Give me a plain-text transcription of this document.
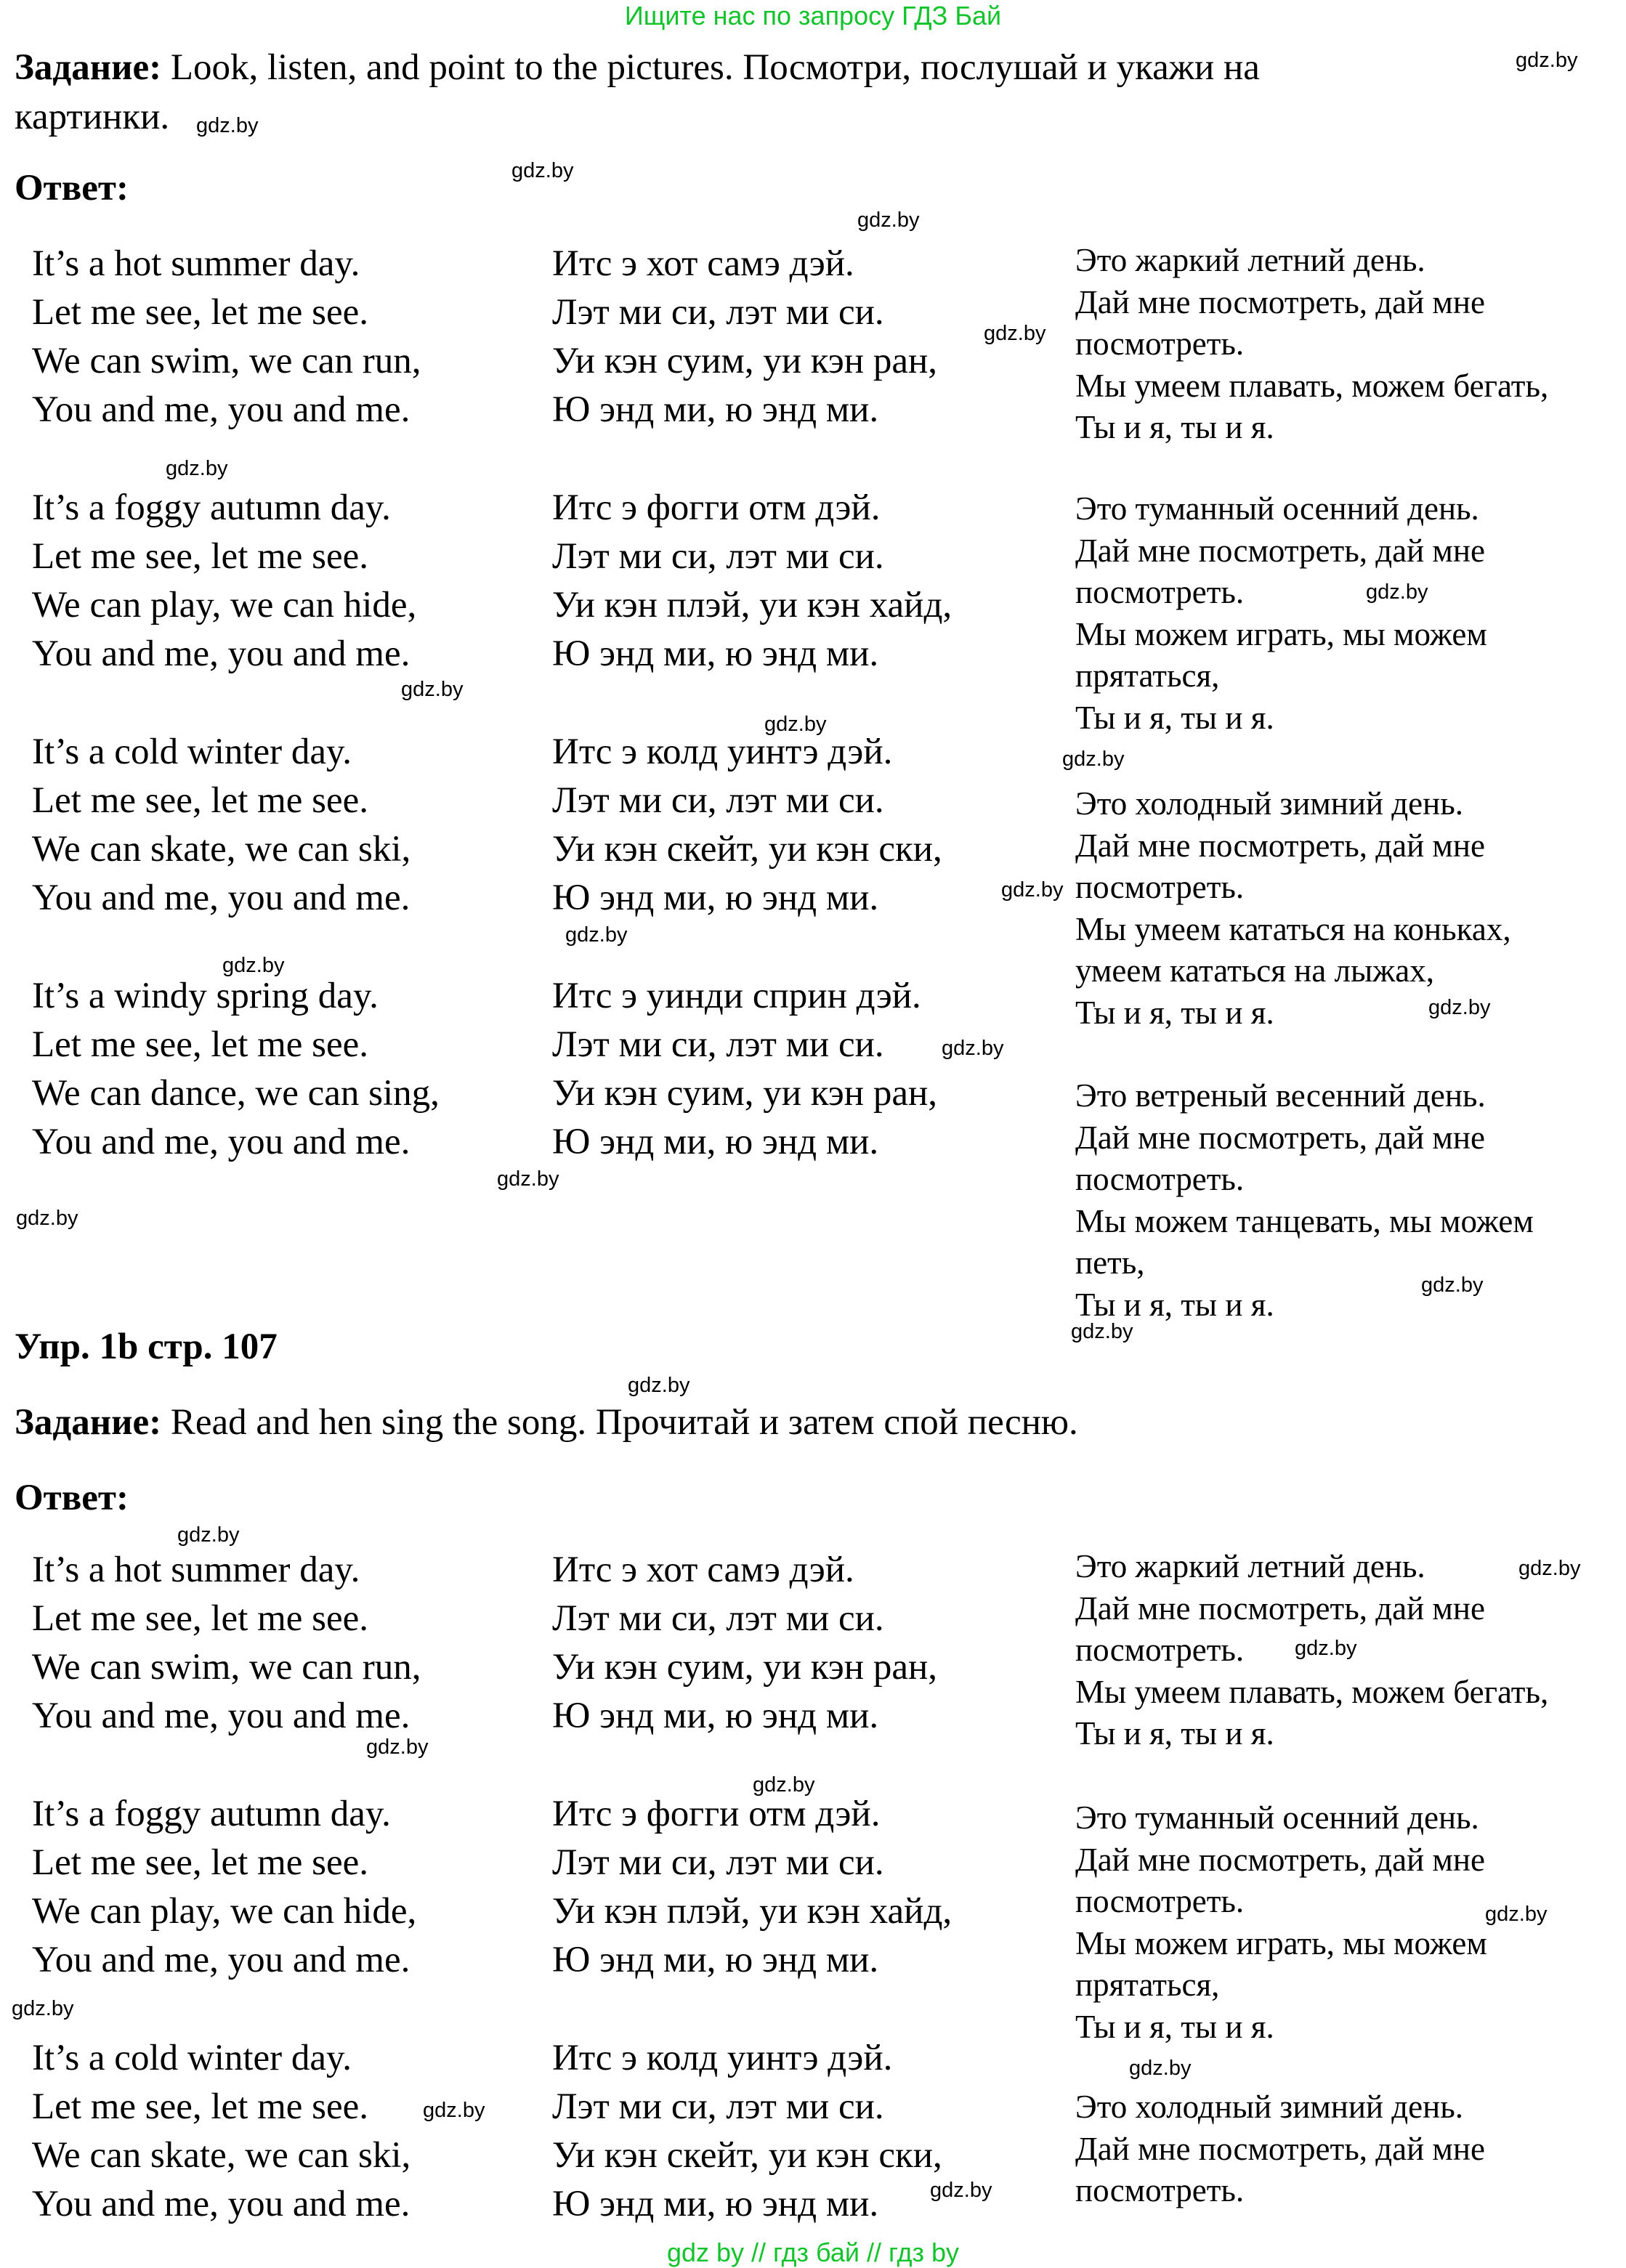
Ищите нас по запросу ГДЗ Бай
Задание: Look, listen, and point to the pictures. Посмотри, послушай и укажи на
картинки.
Ответ:
It’s a hot summer day.
Let me see, let me see.
We can swim, we can run,
You and me, you and me.
Итс э хот самэ дэй.
Лэт ми си, лэт ми си.
Уи кэн суим, уи кэн ран,
Ю энд ми, ю энд ми.
Это жаркий летний день.
Дай мне посмотреть, дай мне
посмотреть.
Мы умеем плавать, можем бегать,
Ты и я, ты и я.
It’s a foggy autumn day.
Let me see, let me see.
We can play, we can hide,
You and me, you and me.
Итс э фогги отм дэй.
Лэт ми си, лэт ми си.
Уи кэн плэй, уи кэн хайд,
Ю энд ми, ю энд ми.
Это туманный осенний день.
Дай мне посмотреть, дай мне
посмотреть.
Мы можем играть, мы можем
прятаться,
Ты и я, ты и я.
It’s a cold winter day.
Let me see, let me see.
We can skate, we can ski,
You and me, you and me.
Итс э колд уинтэ дэй.
Лэт ми си, лэт ми си.
Уи кэн скейт, уи кэн ски,
Ю энд ми, ю энд ми.
Это холодный зимний день.
Дай мне посмотреть, дай мне
посмотреть.
Мы умеем кататься на коньках,
умеем кататься на лыжах,
Ты и я, ты и я.
It’s a windy spring day.
Let me see, let me see.
We can dance, we can sing,
You and me, you and me.
Итс э уинди сприн дэй.
Лэт ми си, лэт ми си.
Уи кэн суим, уи кэн ран,
Ю энд ми, ю энд ми.
Это ветреный весенний день.
Дай мне посмотреть, дай мне
посмотреть.
Мы можем танцевать, мы можем
петь,
Ты и я, ты и я.
Упр. 1b стр. 107
Задание: Read and hen sing the song. Прочитай и затем спой песню.
Ответ:
It’s a hot summer day.
Let me see, let me see.
We can swim, we can run,
You and me, you and me.
Итс э хот самэ дэй.
Лэт ми си, лэт ми си.
Уи кэн суим, уи кэн ран,
Ю энд ми, ю энд ми.
Это жаркий летний день.
Дай мне посмотреть, дай мне
посмотреть.
Мы умеем плавать, можем бегать,
Ты и я, ты и я.
It’s a foggy autumn day.
Let me see, let me see.
We can play, we can hide,
You and me, you and me.
Итс э фогги отм дэй.
Лэт ми си, лэт ми си.
Уи кэн плэй, уи кэн хайд,
Ю энд ми, ю энд ми.
Это туманный осенний день.
Дай мне посмотреть, дай мне
посмотреть.
Мы можем играть, мы можем
прятаться,
Ты и я, ты и я.
It’s a cold winter day.
Let me see, let me see.
We can skate, we can ski,
You and me, you and me.
Итс э колд уинтэ дэй.
Лэт ми си, лэт ми си.
Уи кэн скейт, уи кэн ски,
Ю энд ми, ю энд ми.
Это холодный зимний день.
Дай мне посмотреть, дай мне
посмотреть.
gdz.by
gdz.by
gdz.by
gdz.by
gdz.by
gdz.by
gdz.by
gdz.by
gdz.by
gdz.by
gdz.by
gdz.by
gdz.by
gdz.by
gdz.by
gdz.by
gdz.by
gdz.by
gdz.by
gdz.by
gdz.by
gdz.by
gdz.by
gdz.by
gdz.by
gdz.by
gdz.by
gdz.by
gdz.by
gdz.by
gdz by // гдз бай // гдз by
